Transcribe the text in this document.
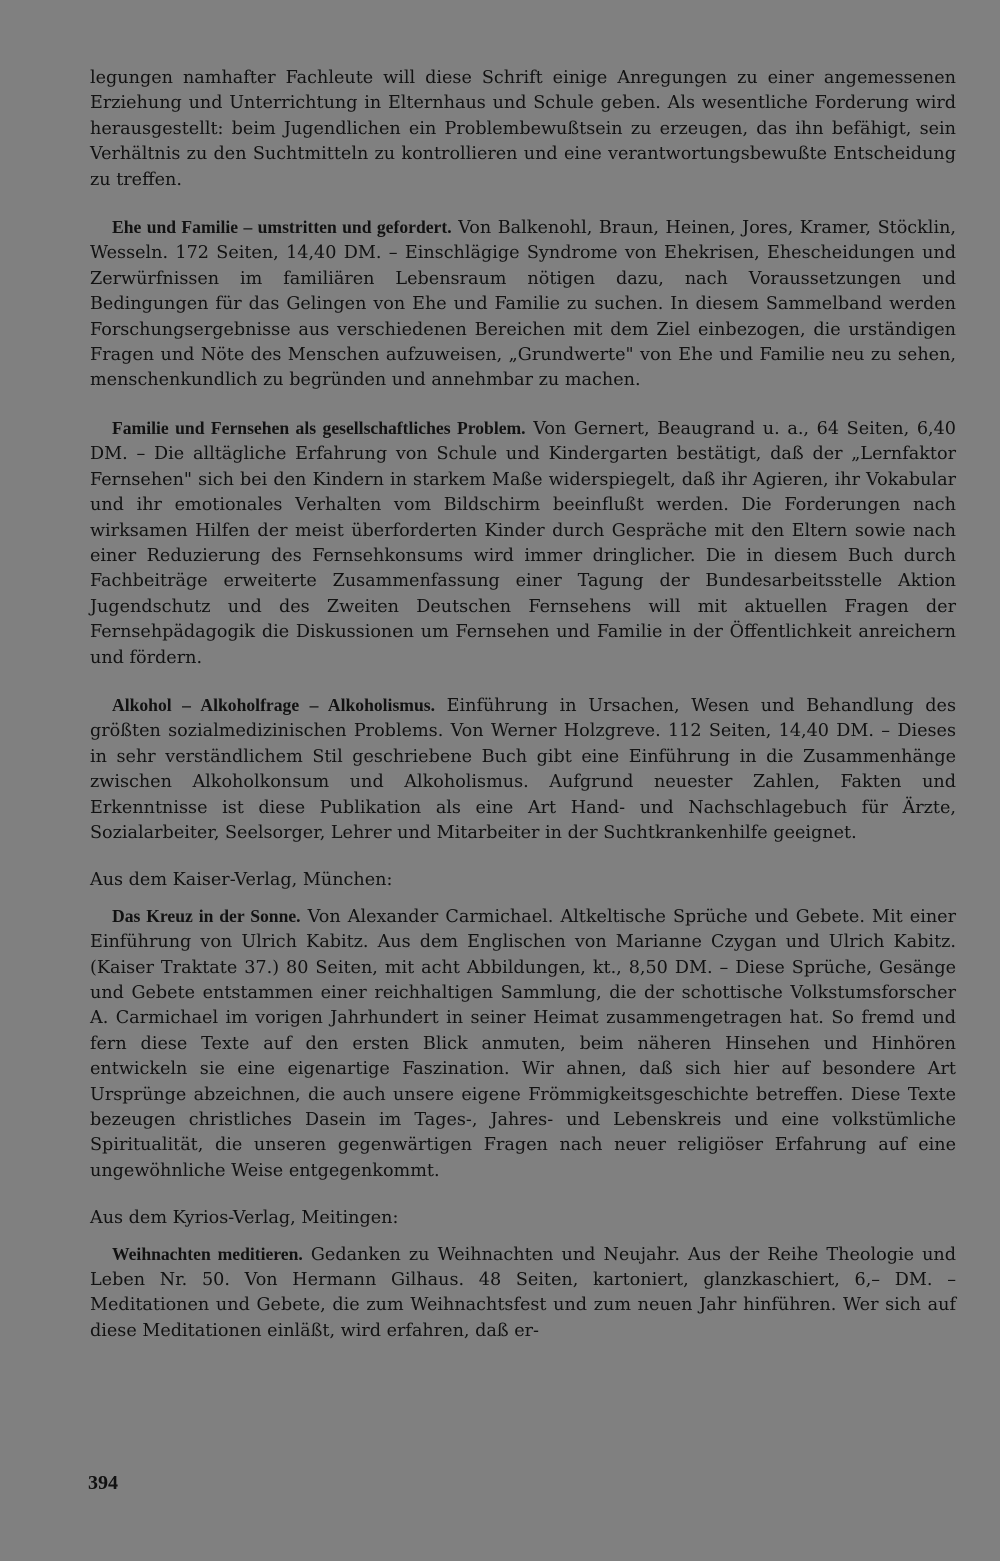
legungen namhafter Fachleute will diese Schrift einige Anregungen zu einer angemessenen Erziehung und Unterrichtung in Elternhaus und Schule geben. Als wesentliche Forderung wird herausgestellt: beim Jugendlichen ein Problembewußtsein zu erzeugen, das ihn befähigt, sein Verhältnis zu den Suchtmitteln zu kontrollieren und eine verantwortungsbewußte Entscheidung zu treffen.

Ehe und Familie – umstritten und gefordert. Von Balkenohl, Braun, Heinen, Jores, Kramer, Stöcklin, Wesseln. 172 Seiten, 14,40 DM. – Einschlägige Syndrome von Ehekrisen, Ehescheidungen und Zerwürfnissen im familiären Lebensraum nötigen dazu, nach Voraussetzungen und Bedingungen für das Gelingen von Ehe und Familie zu suchen. In diesem Sammelband werden Forschungsergebnisse aus verschiedenen Bereichen mit dem Ziel einbezogen, die urständigen Fragen und Nöte des Menschen aufzuweisen, „Grundwerte" von Ehe und Familie neu zu sehen, menschenkundlich zu begründen und annehmbar zu machen.

Familie und Fernsehen als gesellschaftliches Problem. Von Gernert, Beaugrand u. a., 64 Seiten, 6,40 DM. – Die alltägliche Erfahrung von Schule und Kindergarten bestätigt, daß der „Lernfaktor Fernsehen" sich bei den Kindern in starkem Maße widerspiegelt, daß ihr Agieren, ihr Vokabular und ihr emotionales Verhalten vom Bildschirm beeinflußt werden. Die Forderungen nach wirksamen Hilfen der meist überforderten Kinder durch Gespräche mit den Eltern sowie nach einer Reduzierung des Fernsehkonsums wird immer dringlicher. Die in diesem Buch durch Fachbeiträge erweiterte Zusammenfassung einer Tagung der Bundesarbeitsstelle Aktion Jugendschutz und des Zweiten Deutschen Fernsehens will mit aktuellen Fragen der Fernsehpädagogik die Diskussionen um Fernsehen und Familie in der Öffentlichkeit anreichern und fördern.

Alkohol – Alkoholfrage – Alkoholismus. Einführung in Ursachen, Wesen und Behandlung des größten sozialmedizinischen Problems. Von Werner Holzgreve. 112 Seiten, 14,40 DM. – Dieses in sehr verständlichem Stil geschriebene Buch gibt eine Einführung in die Zusammenhänge zwischen Alkoholkonsum und Alkoholismus. Aufgrund neuester Zahlen, Fakten und Erkenntnisse ist diese Publikation als eine Art Hand- und Nachschlagebuch für Ärzte, Sozialarbeiter, Seelsorger, Lehrer und Mitarbeiter in der Suchtkrankenhilfe geeignet.

Aus dem Kaiser-Verlag, München:

Das Kreuz in der Sonne. Von Alexander Carmichael. Altkeltische Sprüche und Gebete. Mit einer Einführung von Ulrich Kabitz. Aus dem Englischen von Marianne Czygan und Ulrich Kabitz. (Kaiser Traktate 37.) 80 Seiten, mit acht Abbildungen, kt., 8,50 DM. – Diese Sprüche, Gesänge und Gebete entstammen einer reichhaltigen Sammlung, die der schottische Volkstumsforscher A. Carmichael im vorigen Jahrhundert in seiner Heimat zusammengetragen hat. So fremd und fern diese Texte auf den ersten Blick anmuten, beim näheren Hinsehen und Hinhören entwickeln sie eine eigenartige Faszination. Wir ahnen, daß sich hier auf besondere Art Ursprünge abzeichnen, die auch unsere eigene Frömmigkeitsgeschichte betreffen. Diese Texte bezeugen christliches Dasein im Tages-, Jahres- und Lebenskreis und eine volkstümliche Spiritualität, die unseren gegenwärtigen Fragen nach neuer religiöser Erfahrung auf eine ungewöhnliche Weise entgegenkommt.

Aus dem Kyrios-Verlag, Meitingen:

Weihnachten meditieren. Gedanken zu Weihnachten und Neujahr. Aus der Reihe Theologie und Leben Nr. 50. Von Hermann Gilhaus. 48 Seiten, kartoniert, glanzkaschiert, 6,– DM. – Meditationen und Gebete, die zum Weihnachtsfest und zum neuen Jahr hinführen. Wer sich auf diese Meditationen einläßt, wird erfahren, daß er-

394
